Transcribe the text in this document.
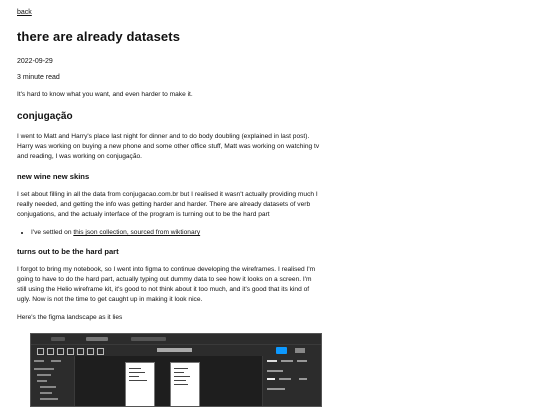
back
there are already datasets
2022-09-29
3 minute read
It's hard to know what you want, and even harder to make it.
conjugação

I went to Matt and Harry's place last night for dinner and to do body doubling (explained in last post). Harry was working on buying a new phone and some other office stuff, Matt was working on watching tv and reading, I was working on conjugação.

new wine new skins

I set about filling in all the data from conjugacao.com.br but I realised it wasn't actually providing much I really needed, and getting the info was getting harder and harder. There are already datasets of verb conjugations, and the actualy interface of the program is turning out to be the hard part

• I've settled on this json collection, sourced from wiktionary
turns out to be the hard part

I forgot to bring my notebook, so I went into figma to continue developing the wireframes. I realised I'm going to have to do the hard part, actually typing out dummy data to see how it looks on a screen. I'm still using the Helio wireframe kit, it's good to not think about it too much, and it's good that its kind of ugly. Now is not the time to get caught up in making it look nice.

Here's the figma landscape as it lies
